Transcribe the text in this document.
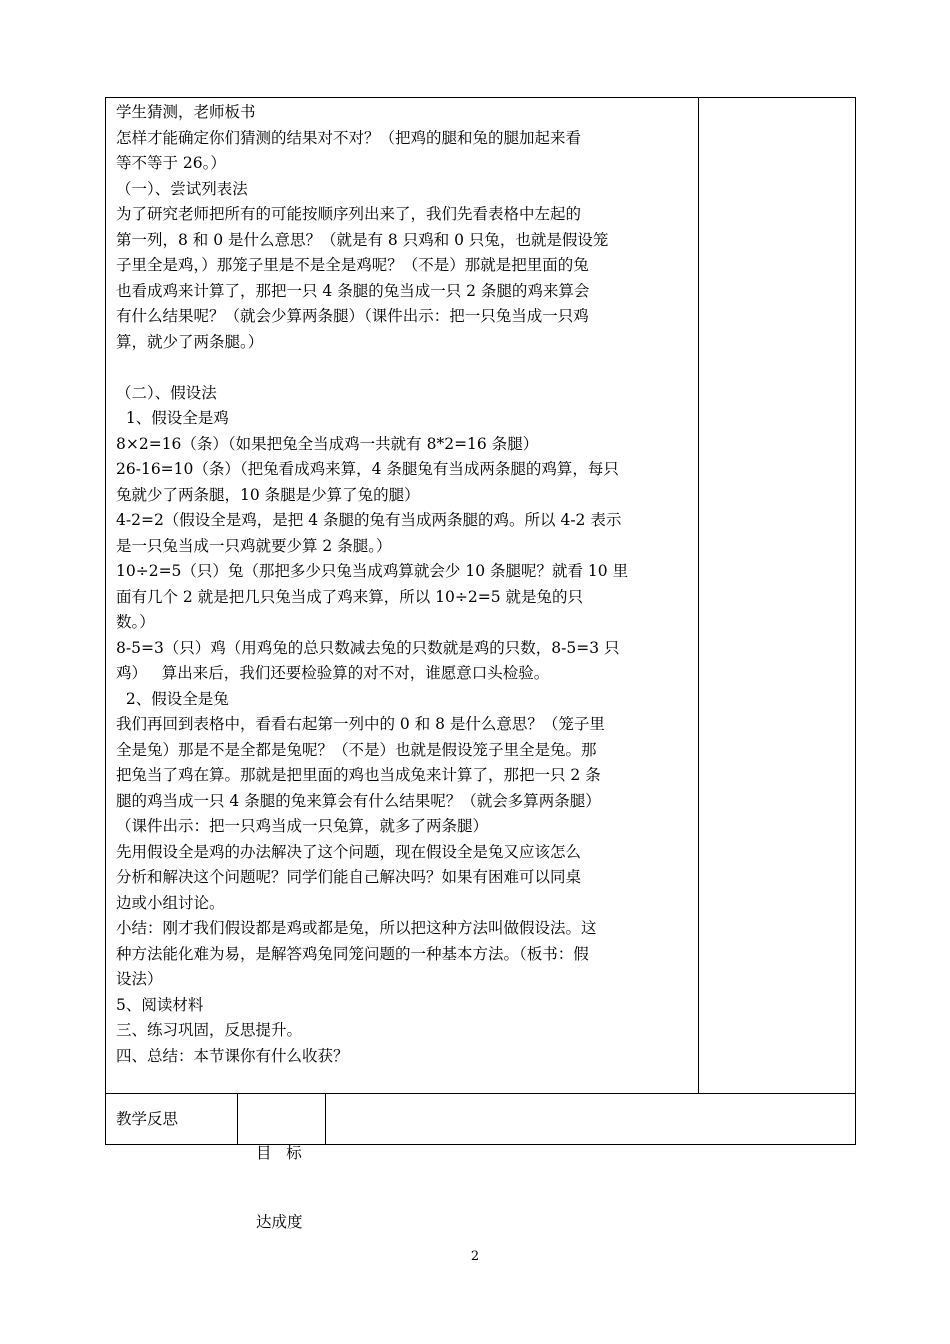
学生猜测，老师板书
怎样才能确定你们猜测的结果对不对？（把鸡的腿和兔的腿加起来看
等不等于 26。）
（一）、尝试列表法
为了研究老师把所有的可能按顺序列出来了，我们先看表格中左起的
第一列，8 和 0 是什么意思？（就是有 8 只鸡和 0 只兔，也就是假设笼
子里全是鸡，）那笼子里是不是全是鸡呢？（不是）那就是把里面的兔
也看成鸡来计算了，那把一只 4 条腿的兔当成一只 2 条腿的鸡来算会
有什么结果呢？（就会少算两条腿）（课件出示：把一只兔当成一只鸡
算，就少了两条腿。）
（二）、假设法
1、假设全是鸡
8×2=16（条）（如果把兔全当成鸡一共就有 8*2=16 条腿）
26-16=10（条）（把兔看成鸡来算，4 条腿兔有当成两条腿的鸡算，每只
兔就少了两条腿，10 条腿是少算了兔的腿）
4-2=2（假设全是鸡，是把 4 条腿的兔有当成两条腿的鸡。所以 4-2 表示
是一只兔当成一只鸡就要少算 2 条腿。）
10÷2=5（只）兔（那把多少只兔当成鸡算就会少 10 条腿呢？就看 10 里
面有几个 2 就是把几只兔当成了鸡来算，所以 10÷2=5 就是兔的只
数。）
8-5=3（只）鸡（用鸡兔的总只数减去兔的只数就是鸡的只数，8-5=3 只
鸡）   算出来后，我们还要检验算的对不对，谁愿意口头检验。
2、假设全是兔
我们再回到表格中，看看右起第一列中的 0 和 8 是什么意思？（笼子里
全是兔）那是不是全都是兔呢？（不是）也就是假设笼子里全是兔。那
把兔当了鸡在算。那就是把里面的鸡也当成兔来计算了，那把一只 2 条
腿的鸡当成一只 4 条腿的兔来算会有什么结果呢？（就会多算两条腿）
（课件出示：把一只鸡当成一只兔算，就多了两条腿）
先用假设全是鸡的办法解决了这个问题，现在假设全是兔又应该怎么
分析和解决这个问题呢？同学们能自己解决吗？如果有困难可以同桌
边或小组讨论。
小结：刚才我们假设都是鸡或都是兔，所以把这种方法叫做假设法。这
种方法能化难为易，是解答鸡兔同笼问题的一种基本方法。（板书：假
设法）
5、阅读材料
三、练习巩固，反思提升。
四、总结：本节课你有什么收获？
教学反思

目   标

达成度

2
